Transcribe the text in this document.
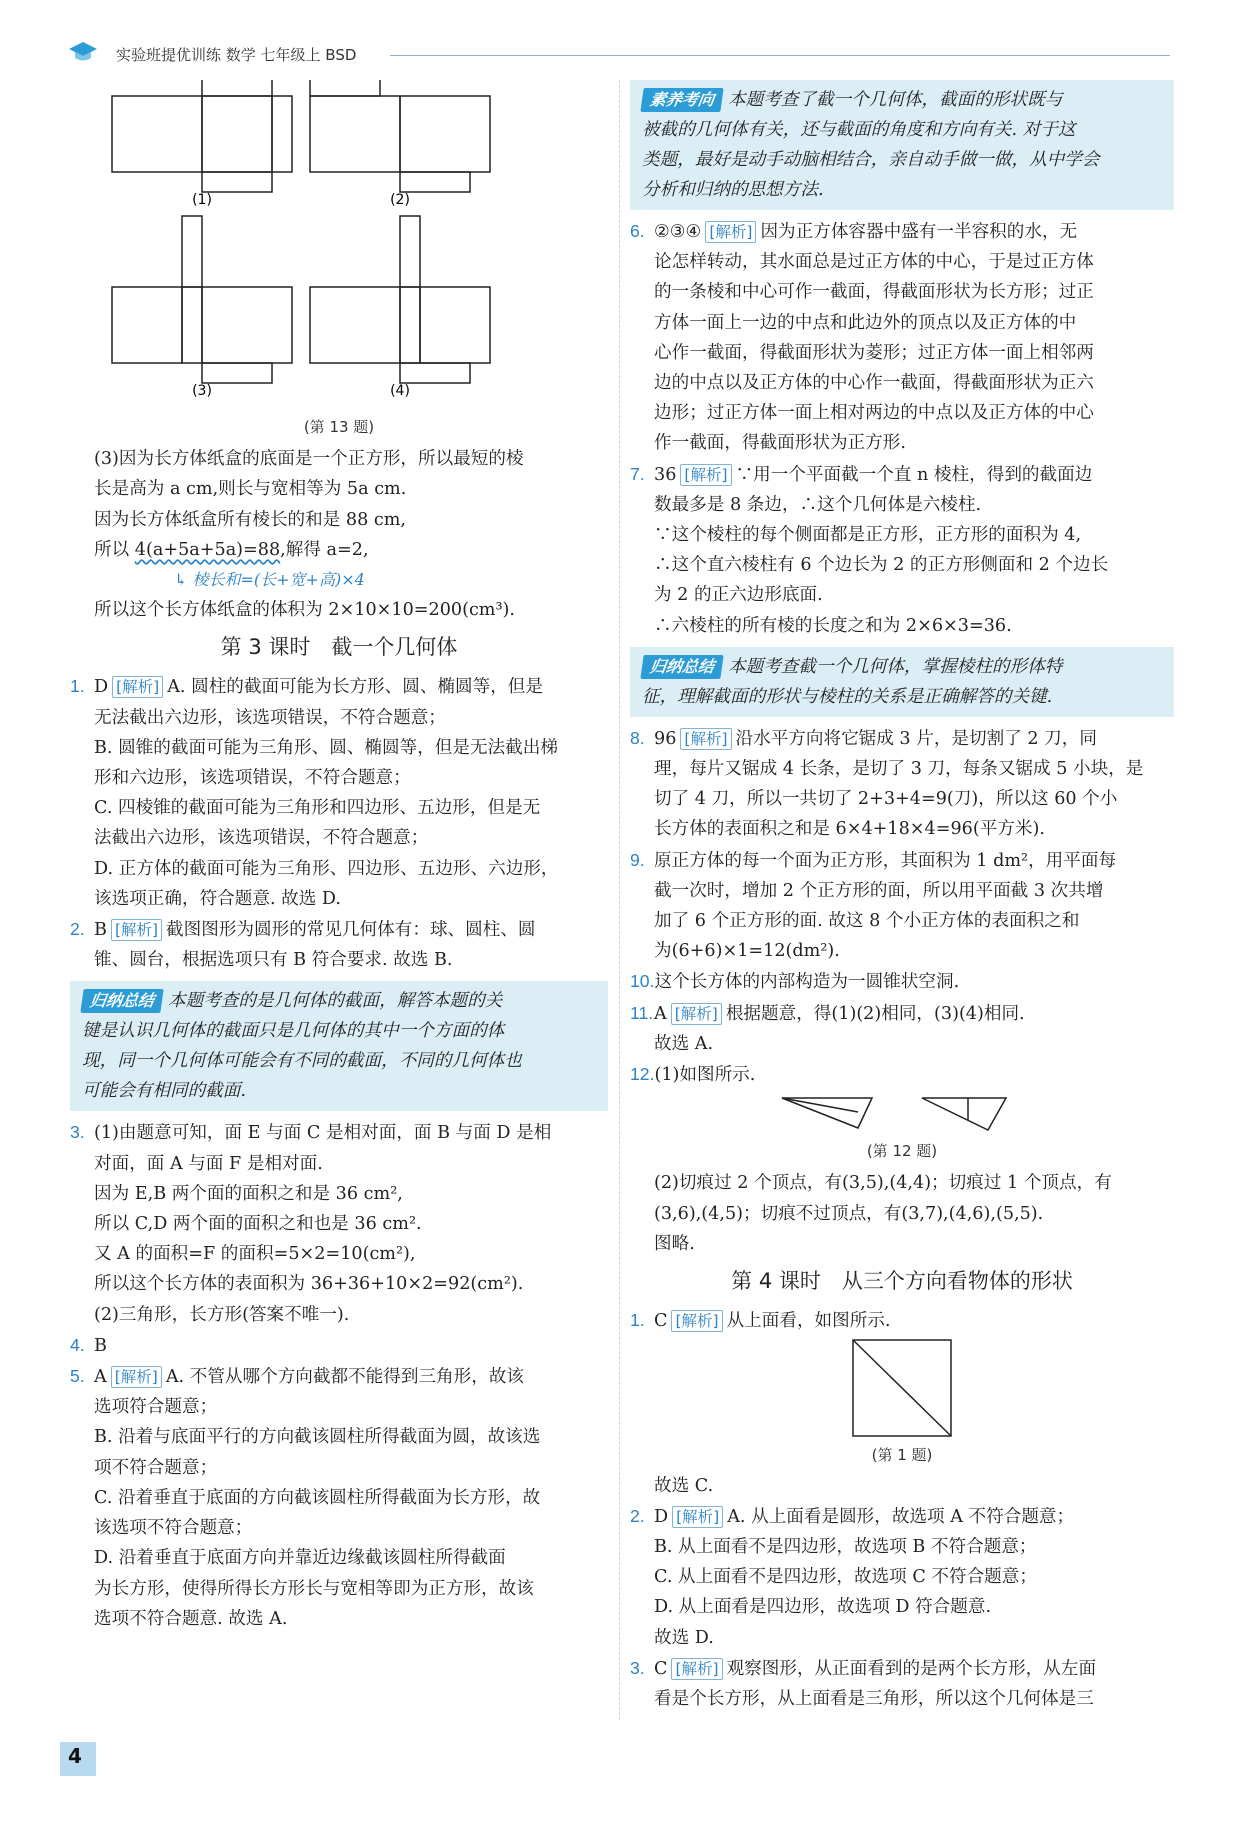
实验班提优训练 数学 七年级上 BSD
(1)	(2)
(3)	(4)
(第 13 题)

(3)因为长方体纸盒的底面是一个正方形，所以最短的棱

长是高为 a cm,则长与宽相等为 5a cm.

因为长方体纸盒所有棱长的和是 88 cm,

所以 4(a+5a+5a)=88,解得 a=2,

↳ 棱长和=(长+宽+高)×4

所以这个长方体纸盒的体积为 2×10×10=200(cm³).

第 3 课时　截一个几何体

1. D [解析] A. 圆柱的截面可能为长方形、圆、椭圆等，但是

无法截出六边形，该选项错误，不符合题意；

B. 圆锥的截面可能为三角形、圆、椭圆等，但是无法截出梯

形和六边形，该选项错误，不符合题意；

C. 四棱锥的截面可能为三角形和四边形、五边形，但是无

法截出六边形，该选项错误，不符合题意；

D. 正方体的截面可能为三角形、四边形、五边形、六边形，

该选项正确，符合题意. 故选 D.

2. B [解析] 截图图形为圆形的常见几何体有：球、圆柱、圆

锥、圆台，根据选项只有 B 符合要求. 故选 B.

归纳总结 本题考查的是几何体的截面，解答本题的关

键是认识几何体的截面只是几何体的其中一个方面的体

现，同一个几何体可能会有不同的截面，不同的几何体也

可能会有相同的截面.

3. (1)由题意可知，面 E 与面 C 是相对面，面 B 与面 D 是相

对面，面 A 与面 F 是相对面.

因为 E,B 两个面的面积之和是 36 cm²,

所以 C,D 两个面的面积之和也是 36 cm².

又 A 的面积=F 的面积=5×2=10(cm²),

所以这个长方体的表面积为 36+36+10×2=92(cm²).

(2)三角形，长方形(答案不唯一).

4. B

5. A [解析] A. 不管从哪个方向截都不能得到三角形，故该

选项符合题意；

B. 沿着与底面平行的方向截该圆柱所得截面为圆，故该选

项不符合题意；

C. 沿着垂直于底面的方向截该圆柱所得截面为长方形，故

该选项不符合题意；

D. 沿着垂直于底面方向并靠近边缘截该圆柱所得截面

为长方形，使得所得长方形长与宽相等即为正方形，故该

选项不符合题意. 故选 A.

素养考向 本题考查了截一个几何体，截面的形状既与

被截的几何体有关，还与截面的角度和方向有关. 对于这

类题，最好是动手动脑相结合，亲自动手做一做，从中学会

分析和归纳的思想方法.

6. ②③④ [解析] 因为正方体容器中盛有一半容积的水，无

论怎样转动，其水面总是过正方体的中心，于是过正方体

的一条棱和中心可作一截面，得截面形状为长方形；过正

方体一面上一边的中点和此边外的顶点以及正方体的中

心作一截面，得截面形状为菱形；过正方体一面上相邻两

边的中点以及正方体的中心作一截面，得截面形状为正六

边形；过正方体一面上相对两边的中点以及正方体的中心

作一截面，得截面形状为正方形.

7. 36 [解析] ∵用一个平面截一个直 n 棱柱，得到的截面边

数最多是 8 条边，∴这个几何体是六棱柱.

∵这个棱柱的每个侧面都是正方形，正方形的面积为 4,

∴这个直六棱柱有 6 个边长为 2 的正方形侧面和 2 个边长

为 2 的正六边形底面.

∴六棱柱的所有棱的长度之和为 2×6×3=36.

归纳总结 本题考查截一个几何体，掌握棱柱的形体特

征，理解截面的形状与棱柱的关系是正确解答的关键.

8. 96 [解析] 沿水平方向将它锯成 3 片，是切割了 2 刀，同

理，每片又锯成 4 长条，是切了 3 刀，每条又锯成 5 小块，是

切了 4 刀，所以一共切了 2+3+4=9(刀)，所以这 60 个小

长方体的表面积之和是 6×4+18×4=96(平方米).

9. 原正方体的每一个面为正方形，其面积为 1 dm²，用平面每

截一次时，增加 2 个正方形的面，所以用平面截 3 次共增

加了 6 个正方形的面. 故这 8 个小正方体的表面积之和

为(6+6)×1=12(dm²).

10.这个长方体的内部构造为一圆锥状空洞.

11.A [解析] 根据题意，得(1)(2)相同，(3)(4)相同.

故选 A.

12.(1)如图所示.

(第 12 题)

(2)切痕过 2 个顶点，有(3,5),(4,4)；切痕过 1 个顶点，有

(3,6),(4,5)；切痕不过顶点，有(3,7),(4,6),(5,5).

图略.

第 4 课时　从三个方向看物体的形状

1. C [解析] 从上面看，如图所示.

(第 1 题)

故选 C.

2. D [解析] A. 从上面看是圆形，故选项 A 不符合题意；

B. 从上面看不是四边形，故选项 B 不符合题意；

C. 从上面看不是四边形，故选项 C 不符合题意；

D. 从上面看是四边形，故选项 D 符合题意.

故选 D.

3. C [解析] 观察图形，从正面看到的是两个长方形，从左面

看是个长方形，从上面看是三角形，所以这个几何体是三

4
